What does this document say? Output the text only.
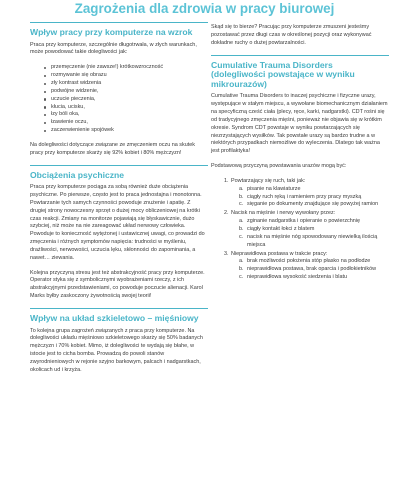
Zagrożenia dla zdrowia w pracy biurowej
Wpływ pracy przy komputerze na wzrok

Praca przy komputerze, szczególnie długotrwała, w złych warunkach, może powodować takie dolegliwości jak:

przemęczenie (nie zawsze!) krótkowzroczność
rozmywanie się obrazu
zły kontrast widzenia
podwójne widzenie,
uczucie pieczenia,
kłucia, ucisku,
łzy bóli oka,
łzawienie oczu,
zaczerwienienie spojówek

Na dolegliwości dotyczące związane ze zmęczeniem oczu na skutek pracy przy komputerze skarży się 92% kobiet i 80% mężczyzn!

Obciążenia psychiczne

Praca przy komputerze pociąga za sobą również duże obciążenia psychiczne. Po pierwsze, często jest to praca jednostajna i monotonna. Powtarzanie tych samych czynności powoduje znużenie i apatię. Z drugiej strony nowoczesny sprzęt o dużej mocy obliczeniowej na krótki czas reakcji. Zmiany na monitorze pojawiają się błyskawicznie, dużo szybciej, niż może na nie zareagować układ nerwowy człowieka. Powoduje to konieczność wytężonej i ustawicznej uwagi, co prowadzi do zmęczenia i różnych symptomów napięcia: trudności w myśleniu, drażliwości, nerwowości, uczucia lęku, skłonności do zapominania, a nawet… ziewania.

Kolejna przyczyną stresu jest też abstrakcyjność pracy przy komputerze. Operator styka się z symbolicznymi wyobrażeniami rzeczy, z ich abstrakcyjnymi przedstawieniami, co powoduje poczucie alienacji. Karol Marks byłby zaskoczony żywotnością swojej teorii!

Wpływ na układ szkieletowo – mięśniowy

To kolejna grupa zagrożeń związanych z praca przy komputerze. Na dolegliwości układu mięśniowo szkieletowego skarży się 50% badanych mężczyzn i 70% kobiet. Mimo, iż dolegliwości te wydają się błahe, w istocie jest to cicha bomba. Prowadzą do powoli stanów zwyrodnieniowych w rejonie szyjno barkowym, palcach i nadgarstkach, okolicach ud i krzyża.

Skąd się to bierze? Pracując przy komputerze zmuszeni jesteśmy pozostawać przez długi czas w określonej pozycji oraz wykonywać dokładne ruchy o dużej powtarzalności.

Cumulative Trauma Disorders (dolegliwości powstające w wyniku mikrourazów)

Cumulative Trauma Disorders to inaczej psychiczne i fizyczne urazy, występujące w stałym miejscu, a wywołane biomechanicznym działaniem na specyficzną cześć ciała (plecy, ręce, karki, nadgarstki). CDT rośni się od tradycyjnego zmęczenia mięśni, ponieważ nie objawia się w krótkim okresie. Syndrom CDT powstaje w wyniku powtarzających się niezrzystających wysiłków. Tak powstałe urazy są bardzo trudne a w niektórych przypadkach niemożliwe do wyleczenia. Dlatego tak ważna jest profilaktyka!

Podstawową przyczyną powstawania urazów mogą być:

1. Powtarzający się ruch, taki jak:
a. pisanie na klawiaturze
b. ciągły ruch ręką i ramieniem przy pracy myszką
c. sięganie po dokumenty znajdujące się powyżej ramion
2. Nacisk na mięśnie i nerwy wywołany przez:
a. zginanie nadgarstka i opieranie o powierzchnię
b. ciągły kontakt łokci z blatem
c. nacisk na mięśnie nóg spowodowany niewielką ilością miejsca
3. Nieprawidłowa postawa w trakcie pracy:
a. brak możliwości położenia stóp płasko na podłodze
b. nieprawidłowa postawa, brak oparcia i podłokietników
c. nieprawidłowa wysokość siedzenia i blatu
